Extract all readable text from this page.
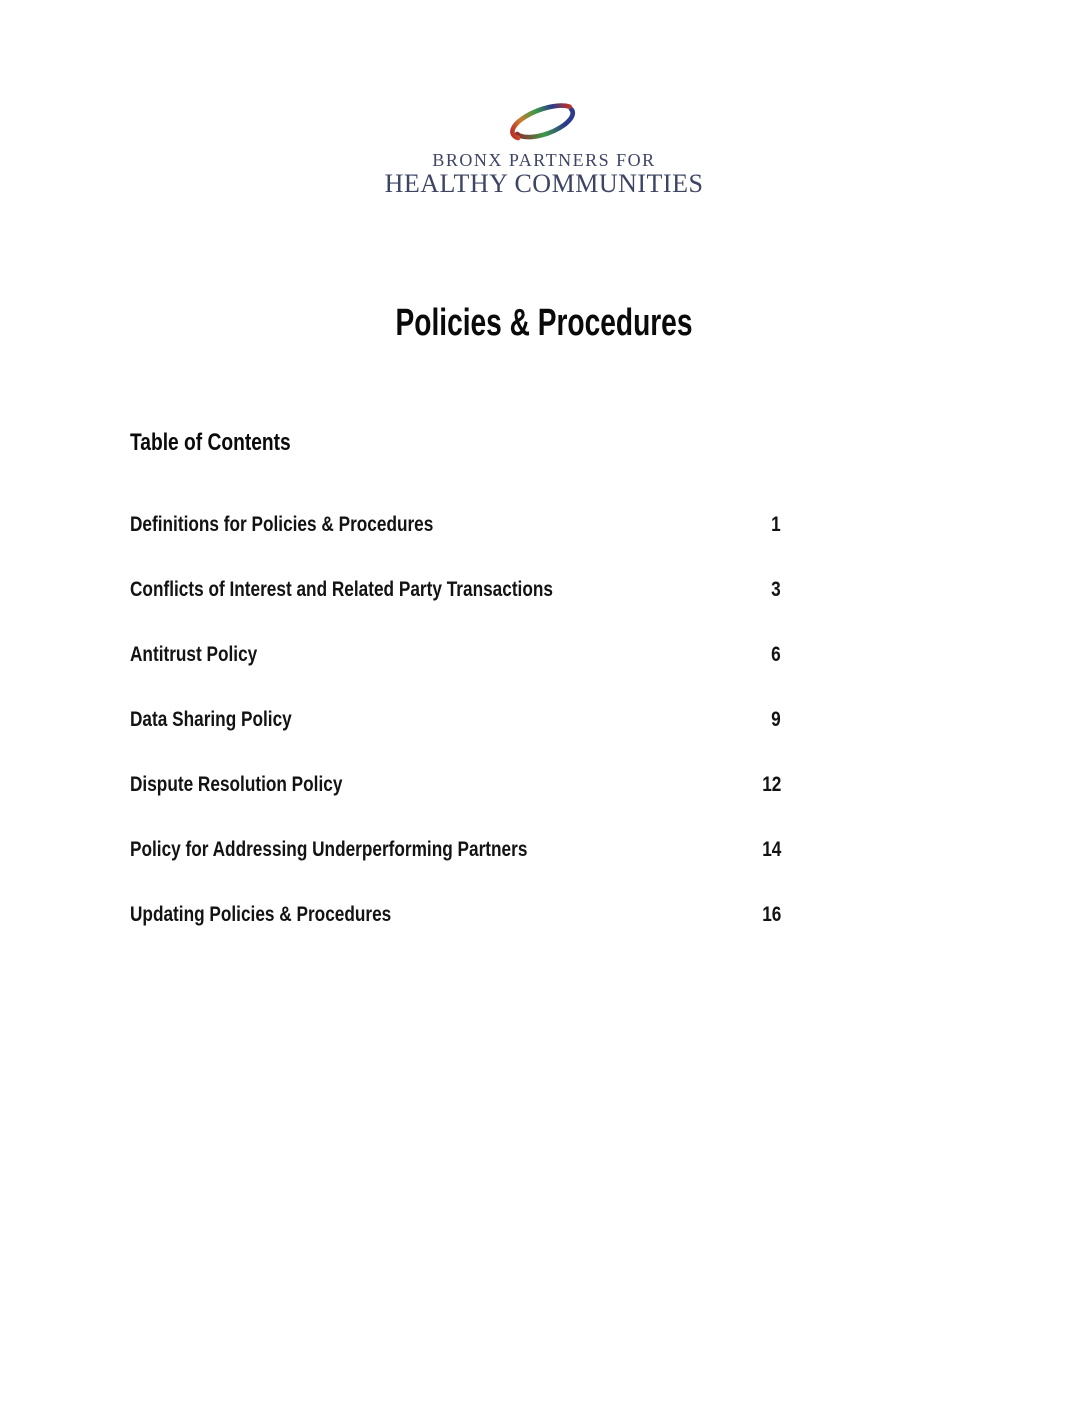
BRONX PARTNERS FOR
HEALTHY COMMUNITIES
Policies & Procedures
Table of Contents
Definitions for Policies & Procedures	1
Conflicts of Interest and Related Party Transactions	3
Antitrust Policy	6
Data Sharing Policy	9
Dispute Resolution Policy	12
Policy for Addressing Underperforming Partners	14
Updating Policies & Procedures	16
